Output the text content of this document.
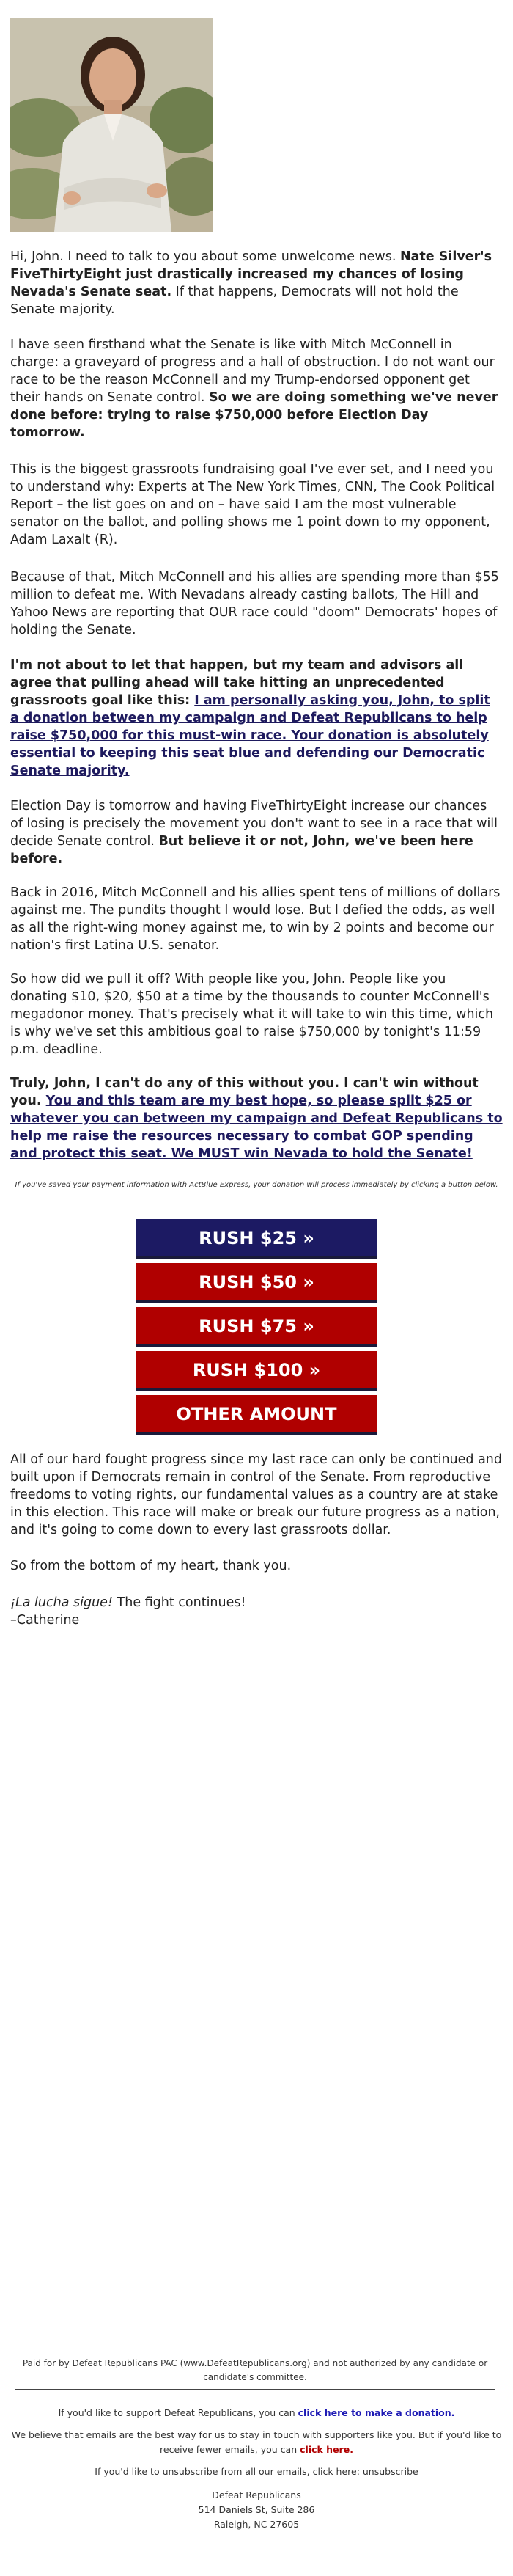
Hi, John. I need to talk to you about some unwelcome news. Nate Silver's FiveThirtyEight just drastically increased my chances of losing Nevada's Senate seat. If that happens, Democrats will not hold the Senate majority.

I have seen firsthand what the Senate is like with Mitch McConnell in charge: a graveyard of progress and a hall of obstruction. I do not want our race to be the reason McConnell and my Trump-endorsed opponent get their hands on Senate control. So we are doing something we've never done before: trying to raise $750,000 before Election Day tomorrow.

This is the biggest grassroots fundraising goal I've ever set, and I need you to understand why: Experts at The New York Times, CNN, The Cook Political Report – the list goes on and on – have said I am the most vulnerable senator on the ballot, and polling shows me 1 point down to my opponent, Adam Laxalt (R).

Because of that, Mitch McConnell and his allies are spending more than $55 million to defeat me. With Nevadans already casting ballots, The Hill and Yahoo News are reporting that OUR race could "doom" Democrats' hopes of holding the Senate.

I'm not about to let that happen, but my team and advisors all agree that pulling ahead will take hitting an unprecedented grassroots goal like this: I am personally asking you, John, to split a donation between my campaign and Defeat Republicans to help raise $750,000 for this must-win race. Your donation is absolutely essential to keeping this seat blue and defending our Democratic Senate majority.

Election Day is tomorrow and having FiveThirtyEight increase our chances of losing is precisely the movement you don't want to see in a race that will decide Senate control. But believe it or not, John, we've been here before.

Back in 2016, Mitch McConnell and his allies spent tens of millions of dollars against me. The pundits thought I would lose. But I defied the odds, as well as all the right-wing money against me, to win by 2 points and become our nation's first Latina U.S. senator.

So how did we pull it off? With people like you, John. People like you donating $10, $20, $50 at a time by the thousands to counter McConnell's megadonor money. That's precisely what it will take to win this time, which is why we've set this ambitious goal to raise $750,000 by tonight's 11:59 p.m. deadline.

Truly, John, I can't do any of this without you. I can't win without you. You and this team are my best hope, so please split $25 or whatever you can between my campaign and Defeat Republicans to help me raise the resources necessary to combat GOP spending and protect this seat. We MUST win Nevada to hold the Senate!

If you've saved your payment information with ActBlue Express, your donation will process immediately by clicking a button below.
RUSH $25 »
RUSH $50 »
RUSH $75 »
RUSH $100 »
OTHER AMOUNT

All of our hard fought progress since my last race can only be continued and built upon if Democrats remain in control of the Senate. From reproductive freedoms to voting rights, our fundamental values as a country are at stake in this election. This race will make or break our future progress as a nation, and it's going to come down to every last grassroots dollar.

So from the bottom of my heart, thank you.

¡La lucha sigue! The fight continues!

–Catherine

Paid for by Defeat Republicans PAC (www.DefeatRepublicans.org) and not authorized by any candidate or candidate's committee.
If you'd like to support Defeat Republicans, you can click here to make a donation.
We believe that emails are the best way for us to stay in touch with supporters like you. But if you'd like to receive fewer emails, you can click here.
If you'd like to unsubscribe from all our emails, click here: unsubscribe
Defeat Republicans
514 Daniels St, Suite 286
Raleigh, NC 27605
